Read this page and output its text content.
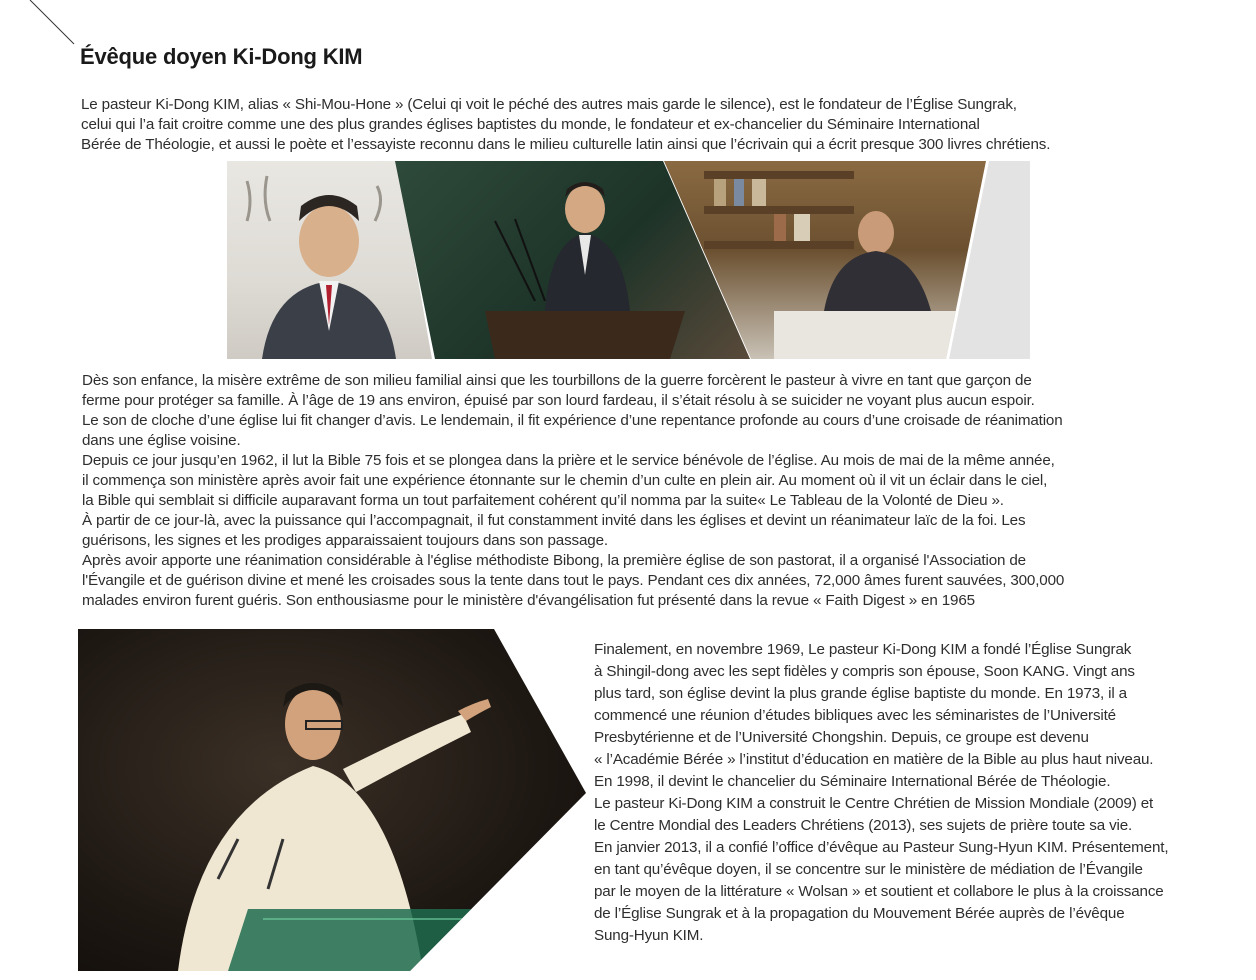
Évêque doyen Ki-Dong KIM

Le pasteur Ki-Dong KIM, alias « Shi-Mou-Hone » (Celui qi voit le péché des autres mais garde le silence), est le fondateur de l’Église Sungrak,
celui qui l’a fait croitre comme une des plus grandes églises baptistes du monde, le fondateur et ex-chancelier du Séminaire International
Bérée de Théologie, et aussi le poète et l’essayiste reconnu dans le milieu culturelle latin ainsi que l’écrivain qui a écrit presque 300 livres chrétiens.

Dès son enfance, la misère extrême de son milieu familial ainsi que les tourbillons de la guerre forcèrent le pasteur à vivre en tant que garçon de
ferme pour protéger sa famille. À l’âge de 19 ans environ, épuisé par son lourd fardeau, il s’était résolu à se suicider ne voyant plus aucun espoir.
Le son de cloche d’une église lui fit changer d’avis. Le lendemain, il fit expérience d’une repentance profonde au cours d’une croisade de réanimation
dans une église voisine.
Depuis ce jour jusqu’en 1962, il lut la Bible 75 fois et se plongea dans la prière et le service bénévole de l’église. Au mois de mai de la même année,
il commença son ministère après avoir fait une expérience étonnante sur le chemin d’un culte en plein air. Au moment où il vit un éclair dans le ciel,
la Bible qui semblait si difficile auparavant forma un tout parfaitement cohérent qu’il nomma par la suite« Le Tableau de la Volonté de Dieu ».
À partir de ce jour-là, avec la puissance qui l’accompagnait, il fut constamment invité dans les églises et devint un réanimateur laïc de la foi. Les
guérisons, les signes et les prodiges apparaissaient toujours dans son passage.
Après avoir apporte une réanimation considérable à l'église méthodiste Bibong, la première église de son pastorat, il a organisé l'Association de
l'Évangile et de guérison divine et mené les croisades sous la tente dans tout le pays. Pendant ces dix années, 72,000 âmes furent sauvées, 300,000
malades environ furent guéris. Son enthousiasme pour le ministère d'évangélisation fut présenté dans la revue « Faith Digest » en 1965

Finalement, en novembre 1969, Le pasteur Ki-Dong KIM a fondé l’Église Sungrak
à Shingil-dong avec les sept fidèles y compris son épouse, Soon KANG. Vingt ans
plus tard, son église devint la plus grande église baptiste du monde. En 1973, il a
commencé une réunion d’études bibliques avec les séminaristes de l’Université
Presbytérienne et de l’Université Chongshin. Depuis, ce groupe est devenu
« l’Académie Bérée » l’institut d’éducation en matière de la Bible au plus haut niveau.
En 1998, il devint le chancelier du Séminaire International Bérée de Théologie.
Le pasteur Ki-Dong KIM a construit le Centre Chrétien de Mission Mondiale (2009) et
le Centre Mondial des Leaders Chrétiens (2013), ses sujets de prière toute sa vie.
En janvier 2013, il a confié l’office d’évêque au Pasteur Sung-Hyun KIM. Présentement,
en tant qu’évêque doyen, il se concentre sur le ministère de médiation de l’Évangile
par le moyen de la littérature « Wolsan » et soutient et collabore le plus à la croissance
de l’Église Sungrak et à la propagation du Mouvement Bérée auprès de l’évêque
Sung-Hyun KIM.
